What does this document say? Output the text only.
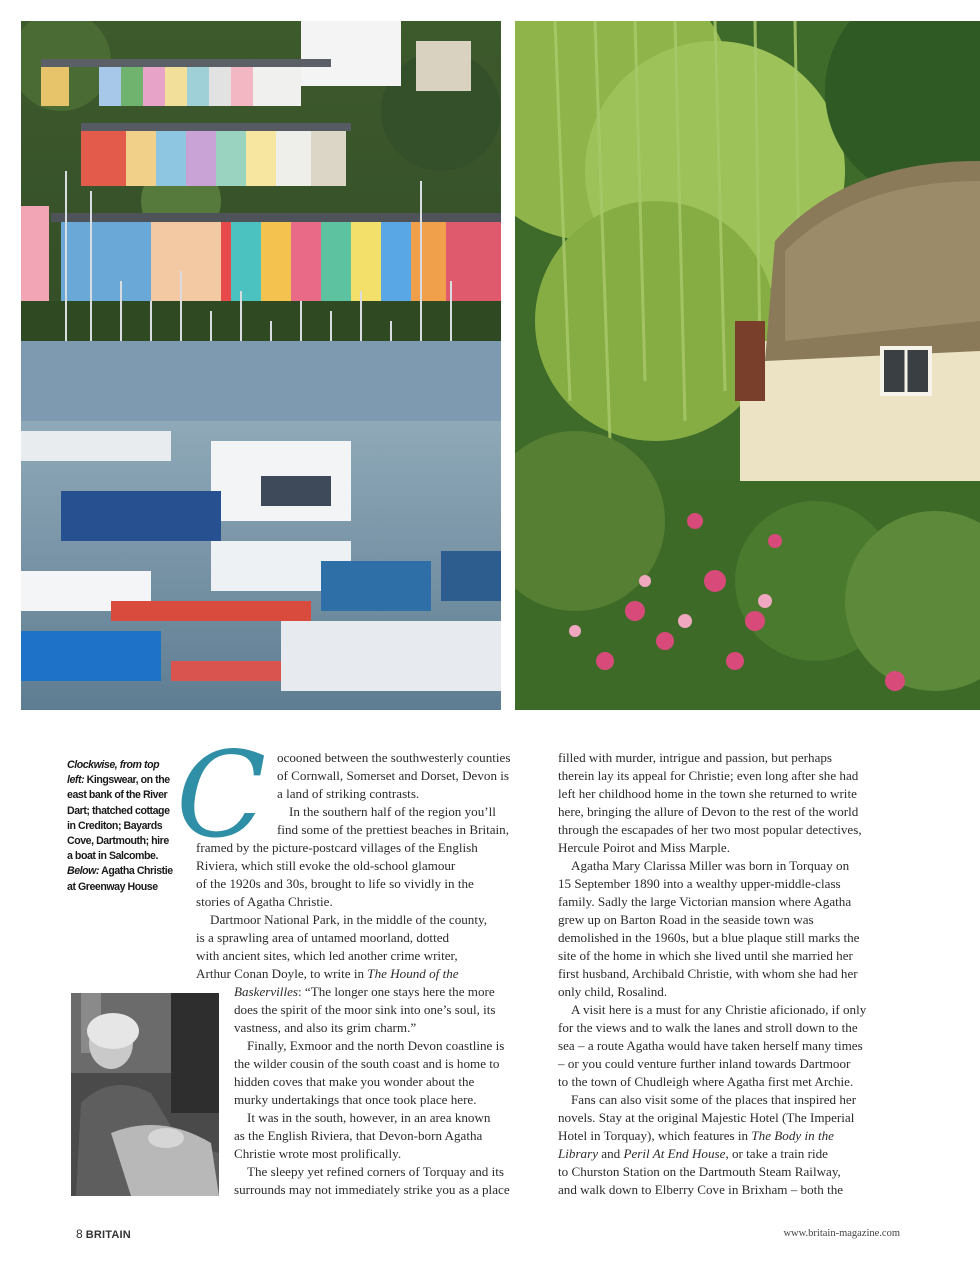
Clockwise, from top left: Kingswear, on the east bank of the River Dart; thatched cottage in Crediton; Bayards Cove, Dartmouth; hire a boat in Salcombe. Below: Agatha Christie at Greenway House
C ocooned between the southwesterly counties
of Cornwall, Somerset and Dorset, Devon is
a land of striking contrasts.
In the southern half of the region you’ll
find some of the prettiest beaches in Britain,
framed by the picture-postcard villages of the English
Riviera, which still evoke the old-school glamour
of the 1920s and 30s, brought to life so vividly in the
stories of Agatha Christie.
Dartmoor National Park, in the middle of the county,
is a sprawling area of untamed moorland, dotted
with ancient sites, which led another crime writer,
Arthur Conan Doyle, to write in The Hound of the
Baskervilles: “The longer one stays here the more
does the spirit of the moor sink into one’s soul, its
vastness, and also its grim charm.”
Finally, Exmoor and the north Devon coastline is
the wilder cousin of the south coast and is home to
hidden coves that make you wonder about the
murky undertakings that once took place here.
It was in the south, however, in an area known
as the English Riviera, that Devon-born Agatha
Christie wrote most prolifically.
The sleepy yet refined corners of Torquay and its
surrounds may not immediately strike you as a place
filled with murder, intrigue and passion, but perhaps
therein lay its appeal for Christie; even long after she had
left her childhood home in the town she returned to write
here, bringing the allure of Devon to the rest of the world
through the escapades of her two most popular detectives,
Hercule Poirot and Miss Marple.
Agatha Mary Clarissa Miller was born in Torquay on
15 September 1890 into a wealthy upper-middle-class
family. Sadly the large Victorian mansion where Agatha
grew up on Barton Road in the seaside town was
demolished in the 1960s, but a blue plaque still marks the
site of the home in which she lived until she married her
first husband, Archibald Christie, with whom she had her
only child, Rosalind.
A visit here is a must for any Christie aficionado, if only
for the views and to walk the lanes and stroll down to the
sea – a route Agatha would have taken herself many times
– or you could venture further inland towards Dartmoor
to the town of Chudleigh where Agatha first met Archie.
Fans can also visit some of the places that inspired her
novels. Stay at the original Majestic Hotel (The Imperial
Hotel in Torquay), which features in The Body in the
Library and Peril At End House, or take a train ride
to Churston Station on the Dartmouth Steam Railway,
and walk down to Elberry Cove in Brixham – both the
8 BRITAIN	www.britain-magazine.com
